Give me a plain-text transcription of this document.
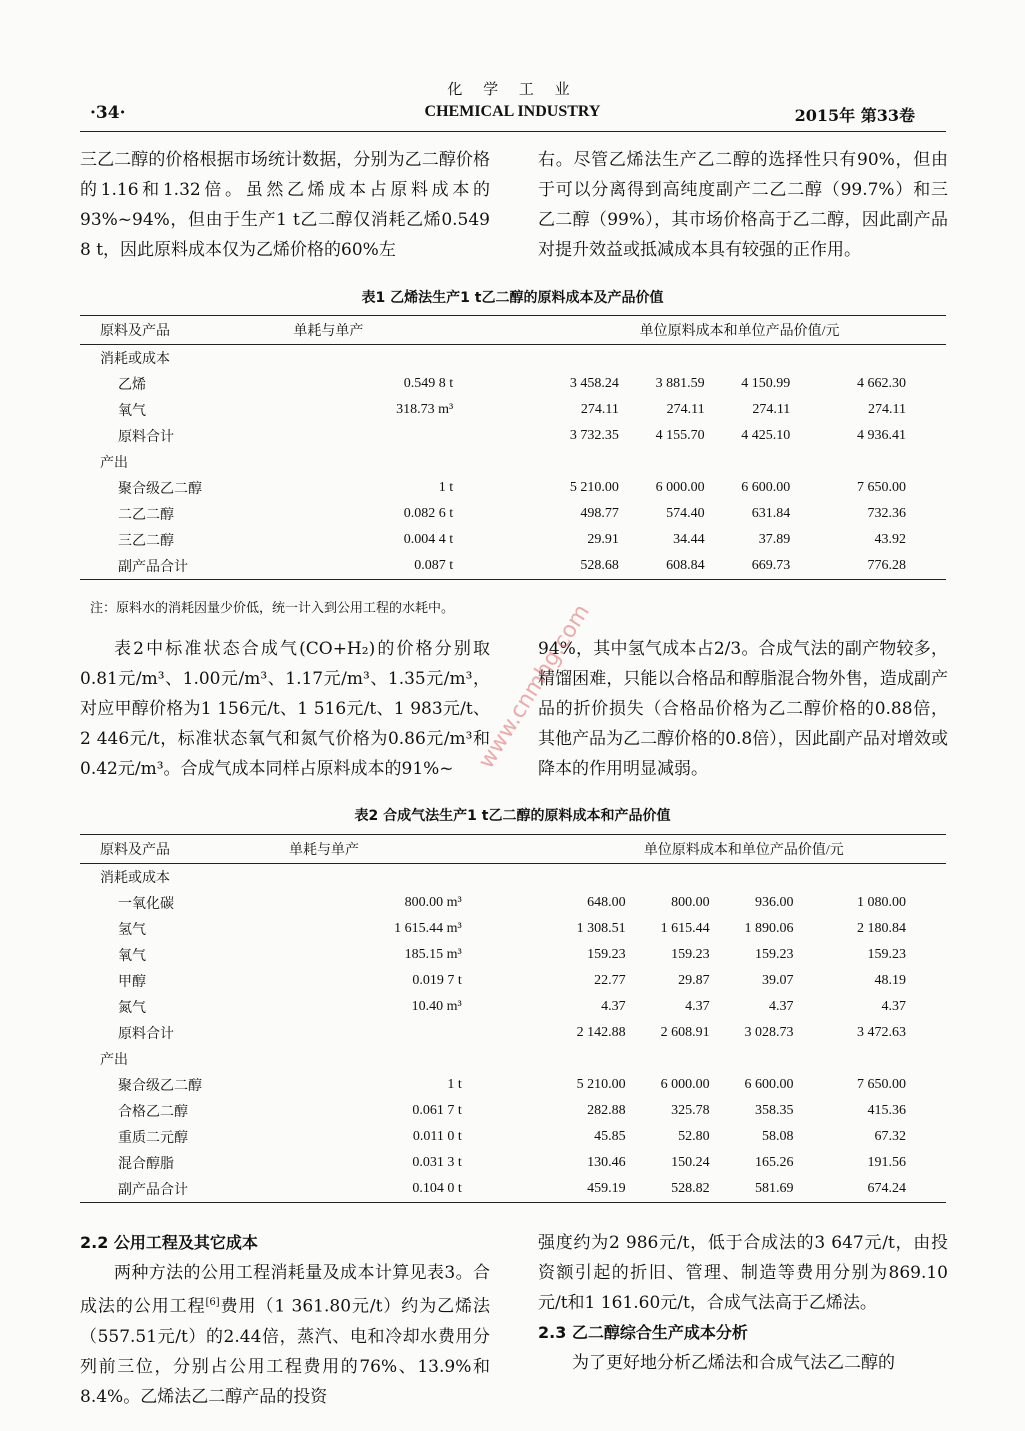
化 学 工 业
·34·	CHEMICAL INDUSTRY	2015年 第33卷

三乙二醇的价格根据市场统计数据，分别为乙二醇价格的1.16和1.32倍。虽然乙烯成本占原料成本的93%~94%，但由于生产1 t乙二醇仅消耗乙烯0.549 8 t，因此原料成本仅为乙烯价格的60%左

右。尽管乙烯法生产乙二醇的选择性只有90%，但由于可以分离得到高纯度副产二乙二醇（99.7%）和三乙二醇（99%），其市场价格高于乙二醇，因此副产品对提升效益或抵减成本具有较强的正作用。

表1 乙烯法生产1 t乙二醇的原料成本及产品价值
原料及产品	单耗与单产	单位原料成本和单位产品价值/元			
消耗或成本					
乙烯	0.549 8 t	3 458.24	3 881.59	4 150.99	4 662.30
氧气	318.73 m³	274.11	274.11	274.11	274.11
原料合计		3 732.35	4 155.70	4 425.10	4 936.41
产出					
聚合级乙二醇	1 t	5 210.00	6 000.00	6 600.00	7 650.00
二乙二醇	0.082 6 t	498.77	574.40	631.84	732.36
三乙二醇	0.004 4 t	29.91	34.44	37.89	43.92
副产品合计	0.087 t	528.68	608.84	669.73	776.28
注：原料水的消耗因量少价低，统一计入到公用工程的水耗中。

表2中标准状态合成气(CO+H₂)的价格分别取0.81元/m³、1.00元/m³、1.17元/m³、1.35元/m³，对应甲醇价格为1 156元/t、1 516元/t、1 983元/t、2 446元/t，标准状态氧气和氮气价格为0.86元/m³和0.42元/m³。合成气成本同样占原料成本的91%~

94%，其中氢气成本占2/3。合成气法的副产物较多，精馏困难，只能以合格品和醇脂混合物外售，造成副产品的折价损失（合格品价格为乙二醇价格的0.88倍，其他产品为乙二醇价格的0.8倍），因此副产品对增效或降本的作用明显减弱。

www.cnmhg.com
表2 合成气法生产1 t乙二醇的原料成本和产品价值
原料及产品	单耗与单产	单位原料成本和单位产品价值/元			
消耗或成本					
一氧化碳	800.00 m³	648.00	800.00	936.00	1 080.00
氢气	1 615.44 m³	1 308.51	1 615.44	1 890.06	2 180.84
氧气	185.15 m³	159.23	159.23	159.23	159.23
甲醇	0.019 7 t	22.77	29.87	39.07	48.19
氮气	10.40 m³	4.37	4.37	4.37	4.37
原料合计		2 142.88	2 608.91	3 028.73	3 472.63
产出					
聚合级乙二醇	1 t	5 210.00	6 000.00	6 600.00	7 650.00
合格乙二醇	0.061 7 t	282.88	325.78	358.35	415.36
重质二元醇	0.011 0 t	45.85	52.80	58.08	67.32
混合醇脂	0.031 3 t	130.46	150.24	165.26	191.56
副产品合计	0.104 0 t	459.19	528.82	581.69	674.24

2.2 公用工程及其它成本

两种方法的公用工程消耗量及成本计算见表3。合成法的公用工程[6]费用（1 361.80元/t）约为乙烯法（557.51元/t）的2.44倍，蒸汽、电和冷却水费用分列前三位，分别占公用工程费用的76%、13.9%和8.4%。乙烯法乙二醇产品的投资

强度约为2 986元/t，低于合成法的3 647元/t，由投资额引起的折旧、管理、制造等费用分别为869.10元/t和1 161.60元/t，合成气法高于乙烯法。

2.3 乙二醇综合生产成本分析

为了更好地分析乙烯法和合成气法乙二醇的
